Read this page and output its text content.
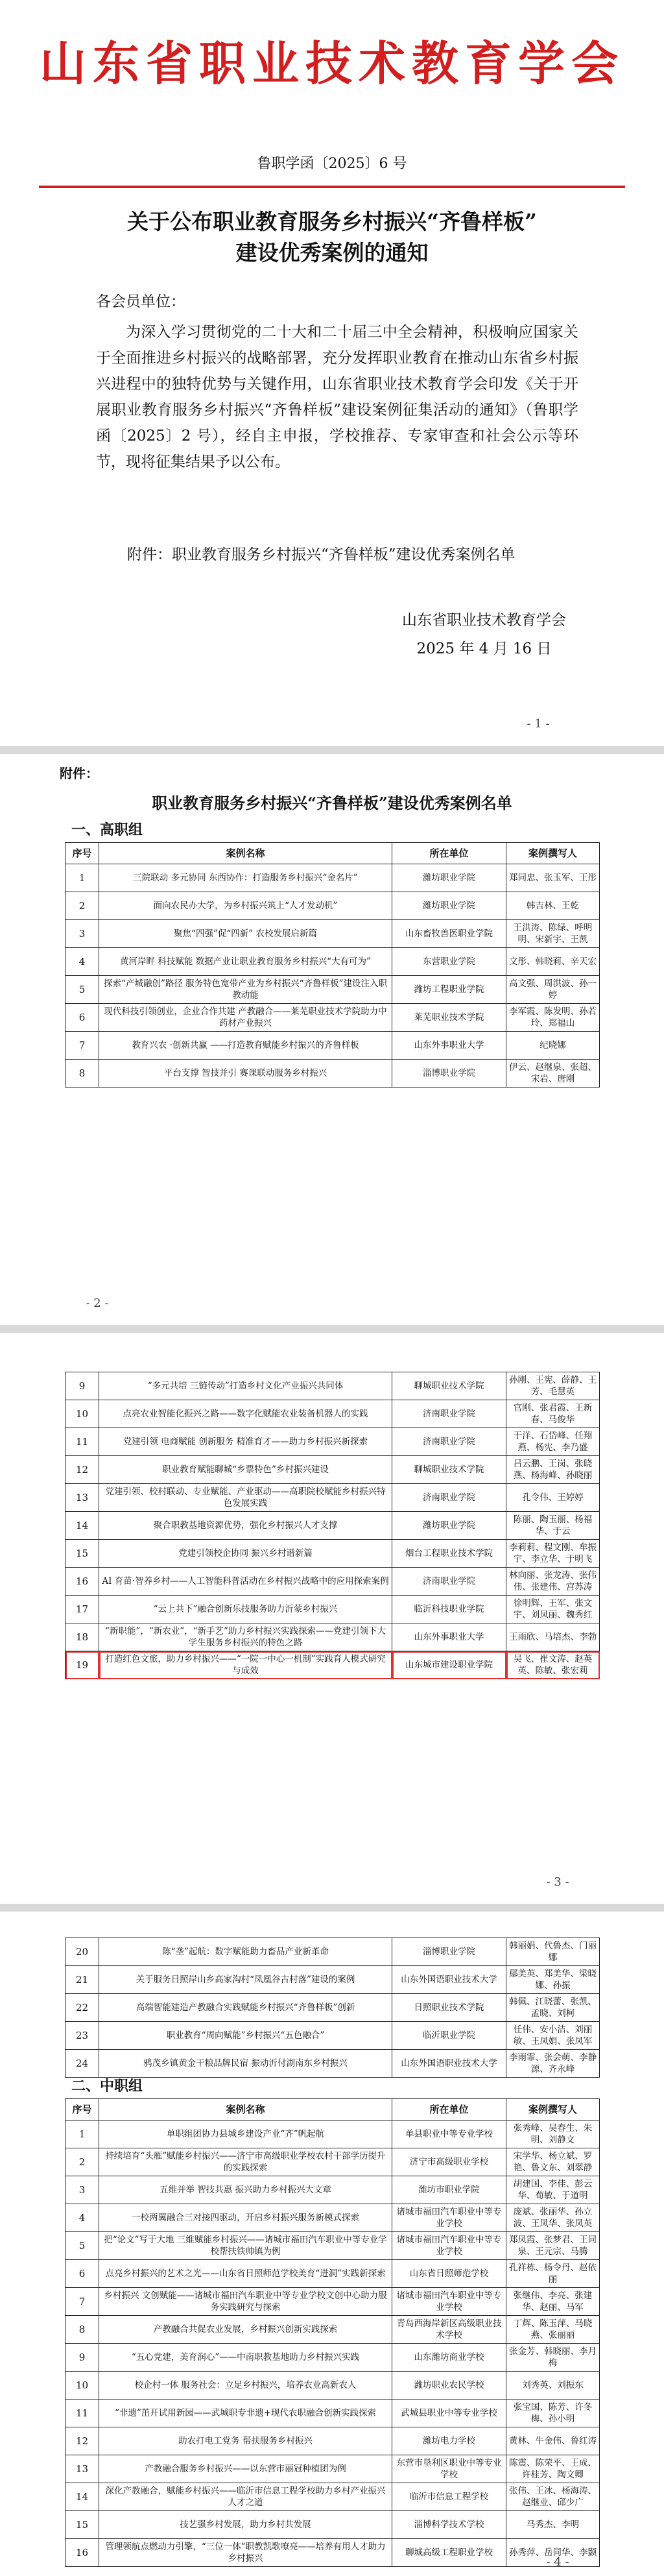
山东省职业技术教育学会
鲁职学函〔2025〕6 号
关于公布职业教育服务乡村振兴“齐鲁样板”
建设优秀案例的通知
各会员单位：

为深入学习贯彻党的二十大和二十届三中全会精神，积极响应国家关于全面推进乡村振兴的战略部署，充分发挥职业教育在推动山东省乡村振兴进程中的独特优势与关键作用，山东省职业技术教育学会印发《关于开展职业教育服务乡村振兴“齐鲁样板”建设案例征集活动的通知》（鲁职学函〔2025〕2 号），经自主申报，学校推荐、专家审查和社会公示等环节，现将征集结果予以公布。

附件：职业教育服务乡村振兴“齐鲁样板”建设优秀案例名单
山东省职业技术教育学会
2025 年 4 月 16 日
- 1 -
附件：
职业教育服务乡村振兴“齐鲁样板”建设优秀案例名单
一、高职组
序号	案例名称	所在单位	案例撰写人
1	三院联动 多元协同 东西协作：打造服务乡村振兴“金名片”	潍坊职业学院	郑同忠、张玉军、王彤
2	面向农民办大学，为乡村振兴筑上“人才发动机”	潍坊职业学院	韩吉林、王乾
3	聚焦“四强”促“四新” 农校发展启新篇	山东畜牧兽医职业学院	王洪涛、陈绿、呼明明、宋新宇、王凯
4	黄河岸畔 科技赋能 数据产业让职业教育服务乡村振兴“大有可为”	东营职业学院	文彤、韩晓莉、辛天宏
5	探索“产城融创”路径 服务特色宽带产业为乡村振兴“齐鲁样板”建设注入职教动能	潍坊工程职业学院	高文强、周洪波、孙一婷
6	现代科技引领创业，企业合作共建 产教融合——莱芜职业技术学院助力中药材产业振兴	莱芜职业技术学院	李军霞、陈发明、孙若玲、郑福山
7	教育兴农 ·创新共赢 ——打造教育赋能乡村振兴的齐鲁样板	山东外事职业大学	纪晓娜
8	平台支撑 智技并引 赛课联动服务乡村振兴	淄博职业学院	伊云、赵继泉、张超、宋岩、唐刚
- 2 -
9	“多元共培 三链传动”打造乡村文化产业振兴共同体	聊城职业技术学院	孙刚、王宪、薛静、王芳、毛慧英
10	点亮农业智能化振兴之路——数字化赋能农业装备机器人的实践	济南职业学院	官刚、张君霞、王新春、马俊华
11	党建引领 电商赋能 创新服务 精准育才——助力乡村振兴新探索	济南职业学院	于洋、石岱峰、任翔燕、杨宪、李乃盛
12	职业教育赋能聊城“乡票特色”乡村振兴建设	聊城职业技术学院	吕云鹏、王岗、张晓燕、杨海峰、孙晓丽
13	党建引领、校村联动、专业赋能、产业驱动——高职院校赋能乡村振兴特色发展实践	济南职业学院	孔令伟、王婷婷
14	聚合职教基地资源优势，强化乡村振兴人才支撑	潍坊职业学院	陈丽、陶玉丽、杨福华、于云
15	党建引领校企协同 振兴乡村谱新篇	烟台工程职业技术学院	李莉莉、程文刚、牟振宇、李立华、于明飞
16	AI 育苗·智养乡村——人工智能科普活动在乡村振兴战略中的应用探索案例	济南职业学院	林向丽、张龙涛、张伟伟、张建伟、宫苏涛
17	“云上共下”融合创新乐技服务助力沂蒙乡村振兴	临沂科技职业学院	徐明辉、王军、张文宇、刘凤丽、魏秀红
18	“新职能”，“新农业”，“新手艺”助力乡村振兴实践探索——党建引领下大学生服务乡村振兴的特色之路	山东外事职业大学	王雨欣、马培杰、李勃
19	打造红色文旅，助力乡村振兴——“一院一中心一机制”实践育人模式研究与成效	山东城市建设职业学院	吴飞、崔文涛、赵英英、陈敏、张宏莉
- 3 -
20	陈“垄”起航：数字赋能助力畜品产业新革命	淄博职业学院	韩丽娟、代鲁杰、门丽娜
21	关于服务日照岸山乡高家沟村“凤凰谷古村落”建设的案例	山东外国语职业技术大学	鄢美英、郑美华、梁晓娜、孙振
22	高端智能建造产教融合实践赋能乡村振兴“齐鲁样板”创新	日照职业技术学院	韩佩、江晓蕾、张凯、孟晓、刘柯
23	职业教育“周向赋能”乡村振兴“五色融合”	临沂职业学院	任伟、安小洁、刘丽敏、王凤娟、张凤军
24	鸦茂乡镇黄金干粮品牌民宿 振动沂付湖南东乡村振兴	山东外国语职业技术大学	李雨霏、张会萌、李静源、齐永峰
二、中职组
序号	案例名称	所在单位	案例撰写人
1	单职组团协力县城乡建设产业“齐”帆起航	单县职业中等专业学校	张秀峰、吴春生、朱明、刘静文
2	持续培育“头雁”赋能乡村振兴——济宁市高级职业学校农村干部学历提升的实践探索	济宁市高级职业学校	宋学华、杨立斌、罗艳、鲁文东、刘翠静
3	五维并举 智技共惠 振兴助力乡村振兴大文章	潍坊市职业学院	胡建国、李佳、彭云华、荀敏、于道明
4	一校两翼融合三对接四驱动，开启乡村振兴服务新模式探索	诸城市福田汽车职业中等专业学校	庞斌、张丽华、孙立波、王凤华、张凤英
5	把“论文”写于大地 三维赋能乡村振兴——诸城市福田汽车职业中等专业学校帮扶铁帅镇为例	诸城市福田汽车职业中等专业学校	郑凤霞、张梦君、王同泉、王元宗、马腾
6	点亮乡村振兴的艺术之光——山东省日照师范学校美育“进洞”实践新探索	山东省日照师范学校	孔祥栋、杨令丹、赵依丽
7	乡村振兴 文创赋能——诸城市福田汽车职业中等专业学校文创中心助力服务实践研究与探索	诸城市福田汽车职业中等专业学校	张继伟、李亮、张建华、赵丽、马军
8	产教融合共促农业发展，乡村振兴创新实践探索	青岛西海岸新区高级职业技术学校	丁辉、陈玉萍、马晓燕、张丽丽
9	“五心党建，美育润心”——中南职教基地助力乡村振兴实践	山东潍坊商业学校	张金芳、韩晓丽、李月梅
10	校企村一体 服务社会：立足乡村振兴，培养农业高新农人	潍坊职业农民学校	刘秀英、刘振东
11	“非遗”茁开试用新园——武城职专非遗+现代农职融合创新实践探索	武城县职业中等专业学校	张宝国、陈芳、许冬梅、孙小明
12	助农打电工党务 帮扶服务乡村振兴	潍坊电力学校	黄林、牛金伟、鲁红涛
13	产教融合服务乡村振兴——以东营市丽冠种植团为例	东营市垦利区职业中等专业学校	陈震、陈荣平、王成、许桂芳、陶文卿
14	深化产教融合，赋能乡村振兴——临沂市信息工程学校助力乡村产业振兴人才之道	临沂市信息工程学校	张伟、王冰、杨海涛、赵继业、邱少广
15	技艺强乡村发展，助力乡村共发展	淄博科学技术学校	马秀杰、李明
16	管理领航点燃动力引擎，“三位一体”职教凯歌嘹亮——培养有用人才助力乡村振兴	聊城高级工程职业学校	孙秀萍、岳同华、李颢
- 4 -
